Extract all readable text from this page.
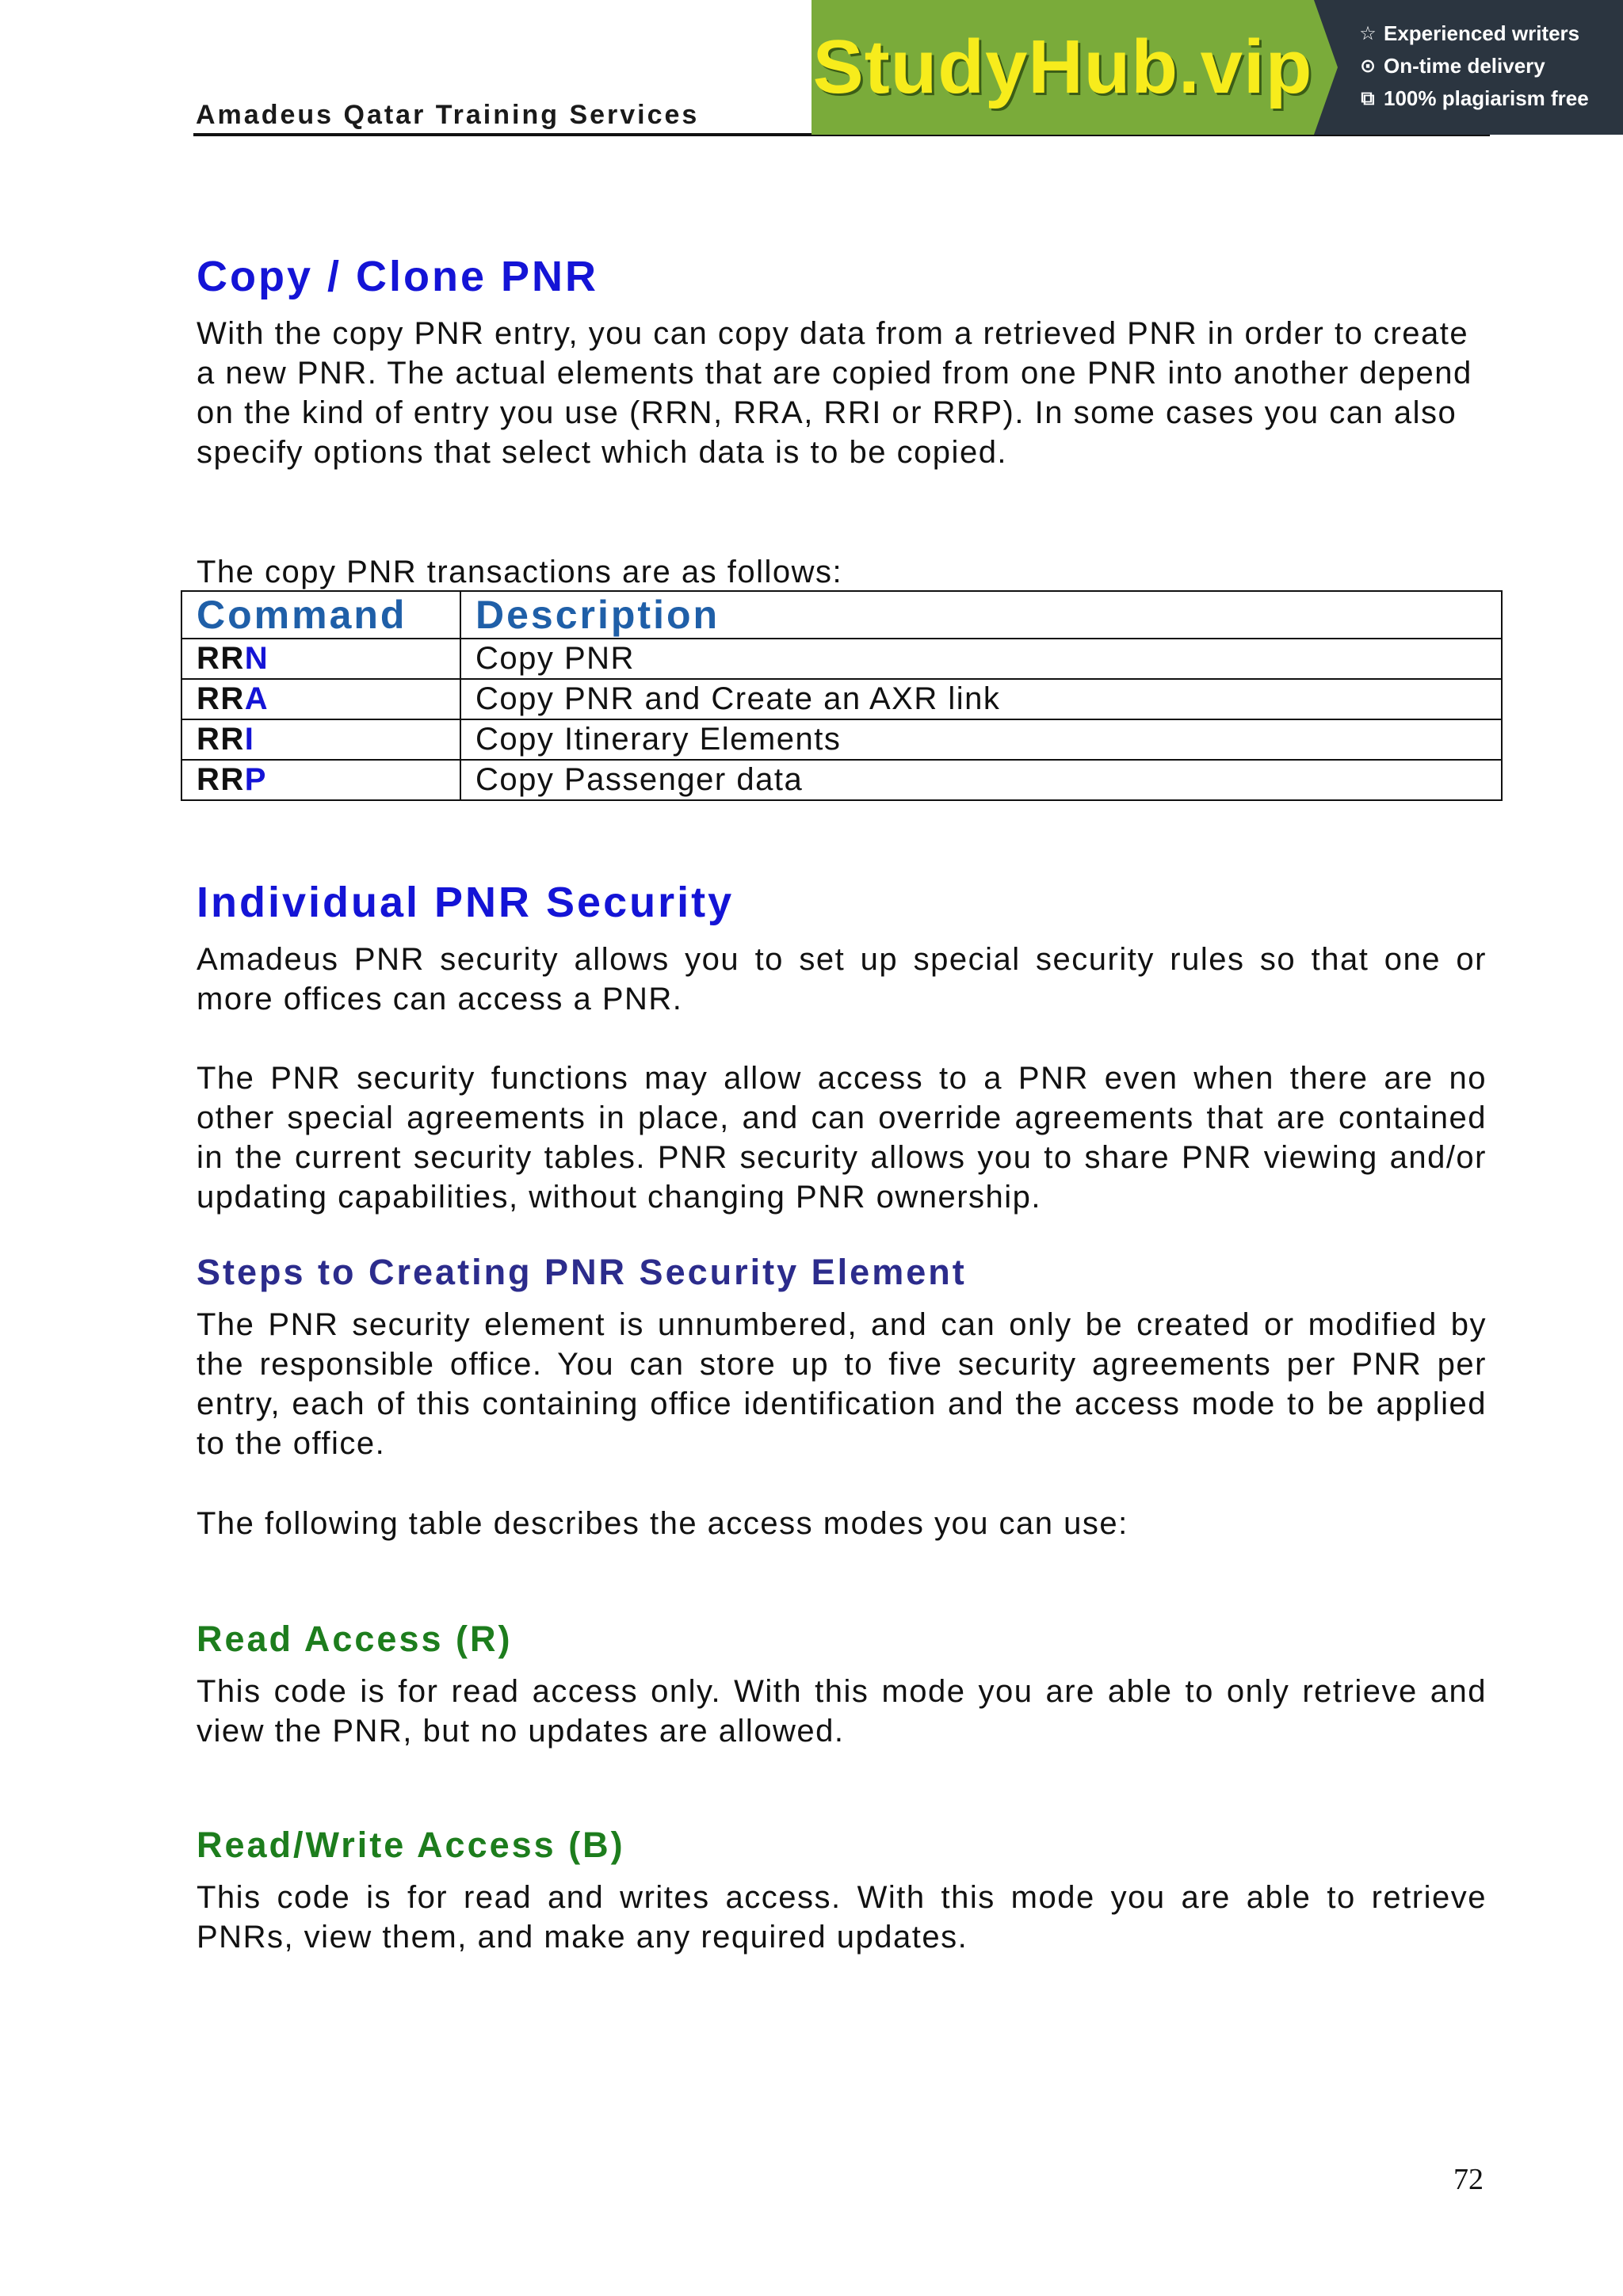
Amadeus Qatar Training Services
StudyHub.vip ☆ Experienced writers
⊙ On-time delivery
⧉ 100% plagiarism free
Copy / Clone PNR

With the copy PNR entry, you can copy data from a retrieved PNR in order to create a new PNR. The actual elements that are copied from one PNR into another depend on the kind of entry you use (RRN, RRA, RRI or RRP). In some cases you can also specify options that select which data is to be copied.

The copy PNR transactions are as follows:

Command	Description
RRN	Copy PNR
RRA	Copy PNR and Create an AXR link
RRI	Copy Itinerary Elements
RRP	Copy Passenger data
Individual PNR Security

Amadeus PNR security allows you to set up special security rules so that one or more offices can access a PNR.

The PNR security functions may allow access to a PNR even when there are no other special agreements in place, and can override agreements that are contained in the current security tables. PNR security allows you to share PNR viewing and/or updating capabilities, without changing PNR ownership.

Steps to Creating PNR Security Element

The PNR security element is unnumbered, and can only be created or modified by the responsible office. You can store up to five security agreements per PNR per entry, each of this containing office identification and the access mode to be applied to the office.

The following table describes the access modes you can use:

Read Access (R)

This code is for read access only. With this mode you are able to only retrieve and view the PNR, but no updates are allowed.

Read/Write Access (B)

This code is for read and writes access. With this mode you are able to retrieve PNRs, view them, and make any required updates.

72
